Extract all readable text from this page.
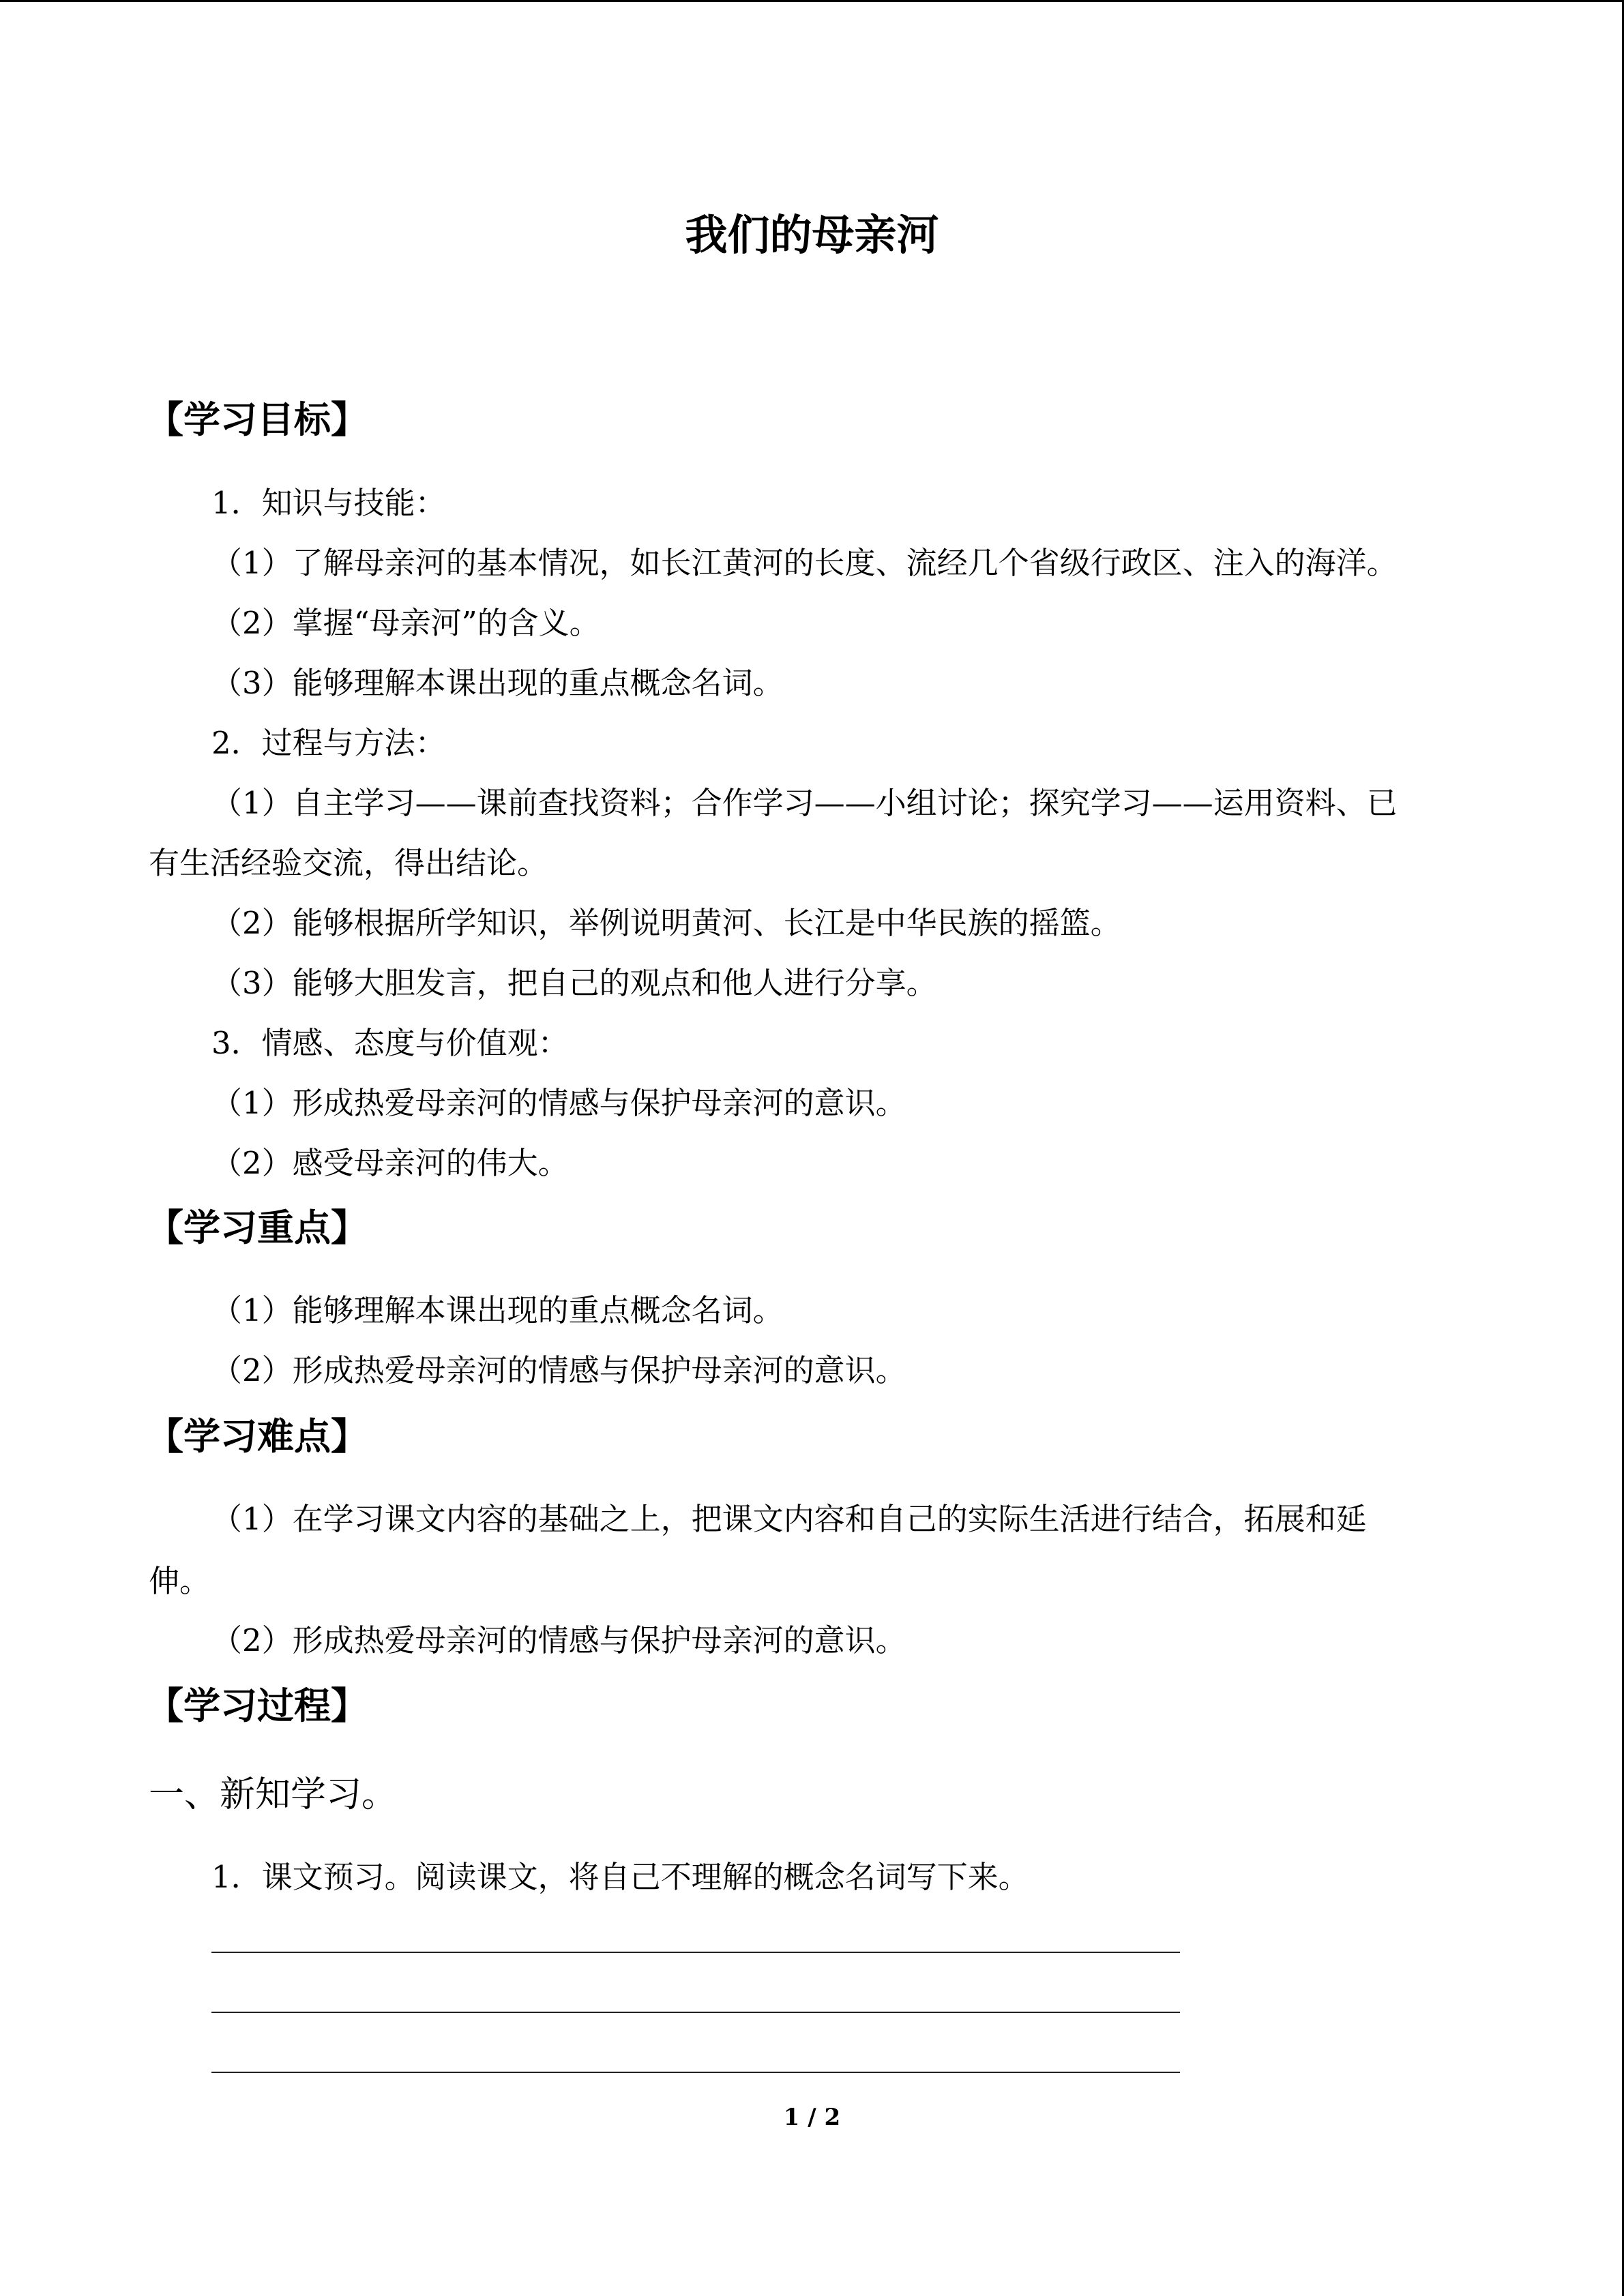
我们的母亲河
【学习目标】
1．知识与技能：
（1）了解母亲河的基本情况，如长江黄河的长度、流经几个省级行政区、注入的海洋。
（2）掌握“母亲河”的含义。
（3）能够理解本课出现的重点概念名词。
2．过程与方法：
（1）自主学习——课前查找资料；合作学习——小组讨论；探究学习——运用资料、已
有生活经验交流，得出结论。
（2）能够根据所学知识，举例说明黄河、长江是中华民族的摇篮。
（3）能够大胆发言，把自己的观点和他人进行分享。
3．情感、态度与价值观：
（1）形成热爱母亲河的情感与保护母亲河的意识。
（2）感受母亲河的伟大。
【学习重点】
（1）能够理解本课出现的重点概念名词。
（2）形成热爱母亲河的情感与保护母亲河的意识。
【学习难点】
（1）在学习课文内容的基础之上，把课文内容和自己的实际生活进行结合，拓展和延
伸。
（2）形成热爱母亲河的情感与保护母亲河的意识。
【学习过程】
一、新知学习。
1．课文预习。阅读课文，将自己不理解的概念名词写下来。
1 / 2
